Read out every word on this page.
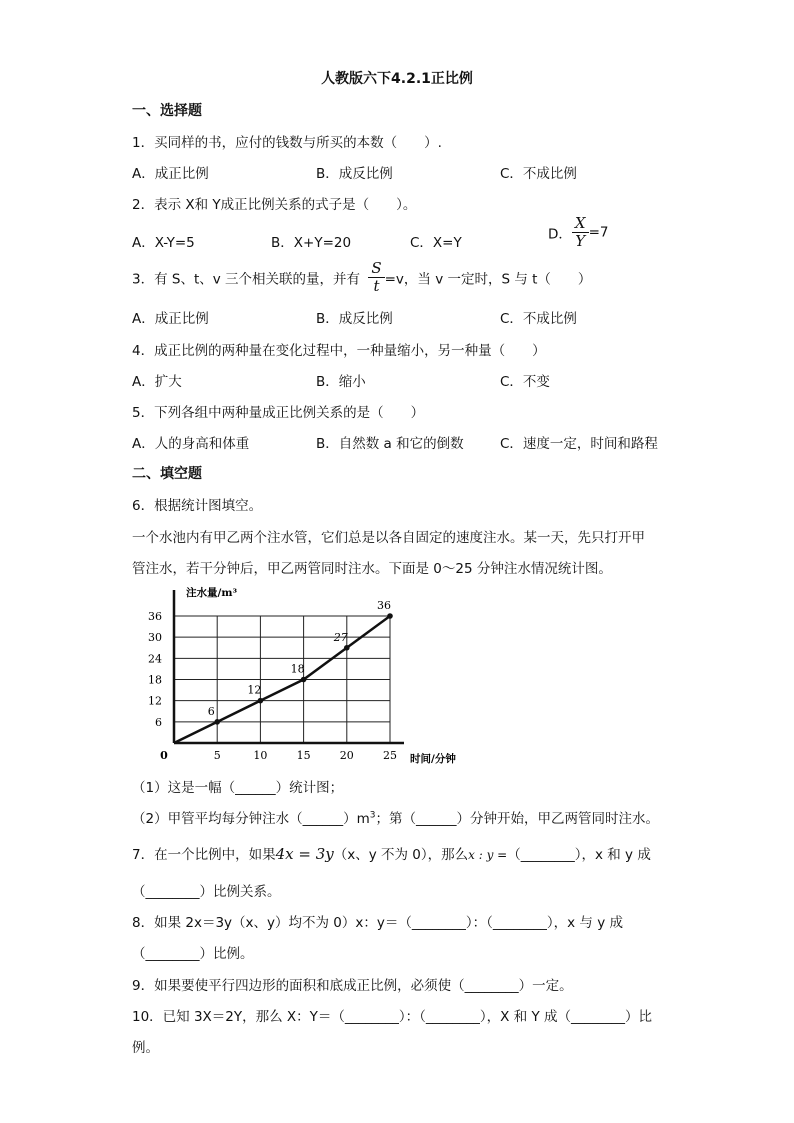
人教版六下4.2.1正比例
一、选择题
1．买同样的书，应付的钱数与所买的本数（　　）.
A．成正比例	B．成反比例	C．不成比例
2．表示 X和 Y成正比例关系的式子是（　　）。
A．X-Y=5	B．X+Y=20	C．X=Y
D． $\frac{X}{Y} =7$
3．有 S、t、v 三个相关联的量，并有 $\frac{S}{t} =v$，当 v 一定时，S 与 t（　　）
A．成正比例	B．成反比例	C．不成比例
4．成正比例的两种量在变化过程中，一种量缩小，另一种量（　　）
A．扩大	B．缩小	C．不变
5．下列各组中两种量成正比例关系的是（　　）
A．人的身高和体重	B．自然数 a 和它的倒数	C．速度一定，时间和路程
二、填空题
6．根据统计图填空。
一个水池内有甲乙两个注水管，它们总是以各自固定的速度注水。某一天，先只打开甲
管注水，若干分钟后，甲乙两管同时注水。下面是 0～25 分钟注水情况统计图。
6
12
18
24
30
36
0	5	10	15	20	25
注水量/m³
时间/分钟
6
12
18
27
36
（1）这是一幅（______）统计图；
（2）甲管平均每分钟注水$(\_\_\_\_\_\_)m^3$；第（______）分钟开始，甲乙两管同时注水。
7．在一个比例中，如果4x = 3y（x、y 不为 0），那么x : y =（________），x 和 y 成
（________）比例关系。
8．如果 2x＝3y（x、y）均不为 0）x：y＝（________）：（________），x 与 y 成
（________）比例。
9．如果要使平行四边形的面积和底成正比例，必须使（________）一定。
10．已知 3X＝2Y，那么 X：Y＝（________）：（________），X 和 Y 成（________）比
例。
